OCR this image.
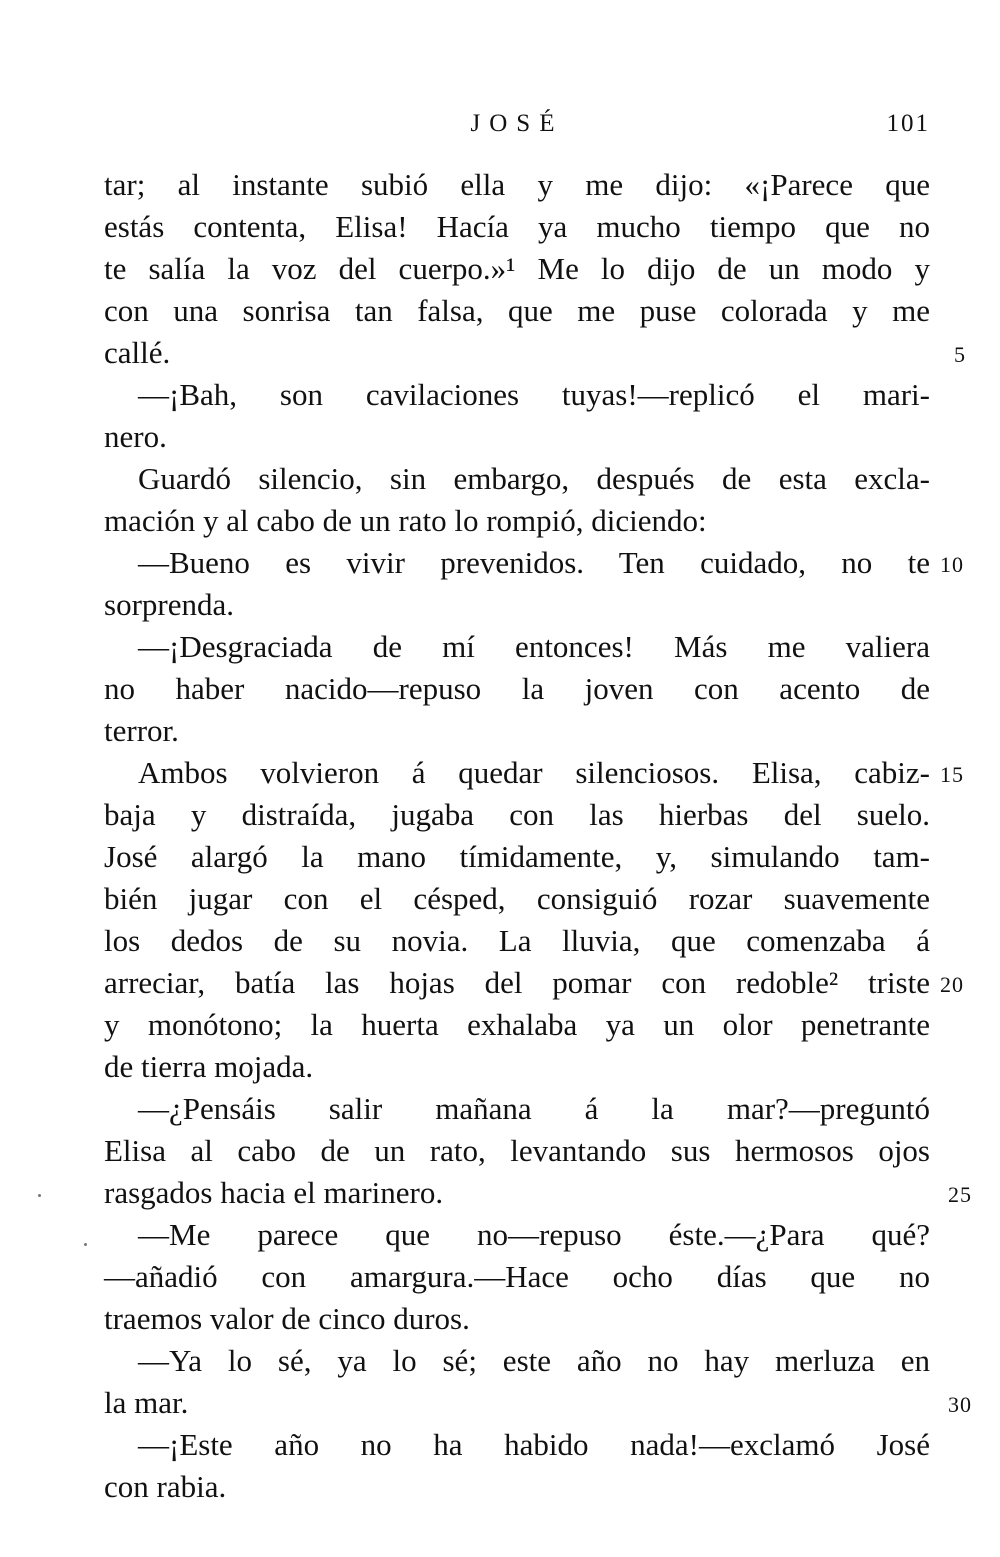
JOSÉ	101
tar; al instante subió ella y me dijo: «¡Parece que
estás contenta, Elisa! Hacía ya mucho tiempo que no
te salía la voz del cuerpo.»¹ Me lo dijo de un modo y
con una sonrisa tan falsa, que me puse colorada y me
callé.	5
—¡Bah, son cavilaciones tuyas!—replicó el mari-
nero.
Guardó silencio, sin embargo, después de esta excla-
mación y al cabo de un rato lo rompió, diciendo:
—Bueno es vivir prevenidos. Ten cuidado, no te 10
sorprenda.
—¡Desgraciada de mí entonces! Más me valiera
no haber nacido—repuso la joven con acento de
terror.
Ambos volvieron á quedar silenciosos. Elisa, cabiz- 15
baja y distraída, jugaba con las hierbas del suelo.
José alargó la mano tímidamente, y, simulando tam-
bién jugar con el césped, consiguió rozar suavemente
los dedos de su novia. La lluvia, que comenzaba á
arreciar, batía las hojas del pomar con redoble² triste 20
y monótono; la huerta exhalaba ya un olor penetrante
de tierra mojada.
—¿Pensáis salir mañana á la mar?—preguntó
Elisa al cabo de un rato, levantando sus hermosos ojos
rasgados hacia el marinero.	25
—Me parece que no—repuso éste.—¿Para qué?
—añadió con amargura.—Hace ocho días que no
traemos valor de cinco duros.
—Ya lo sé, ya lo sé; este año no hay merluza en
la mar.	30
—¡Este año no ha habido nada!—exclamó José
con rabia.
